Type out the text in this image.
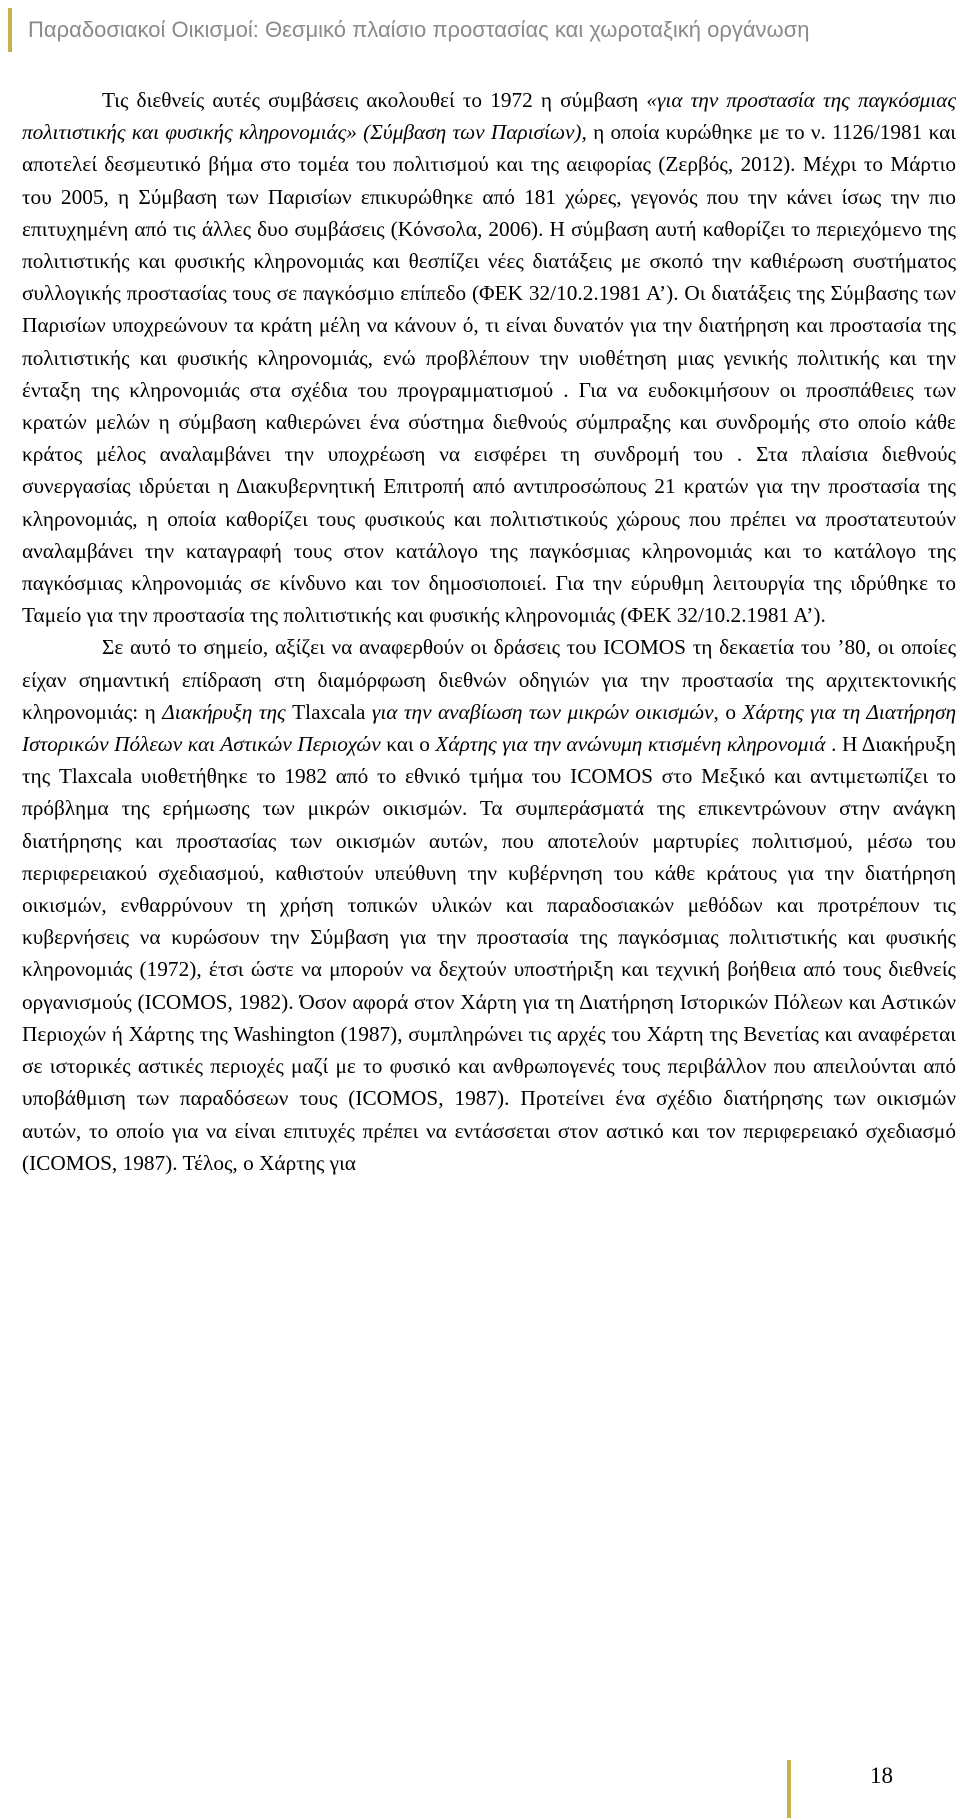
Παραδοσιακοί Οικισμοί: Θεσμικό πλαίσιο προστασίας και χωροταξική οργάνωση

Τις διεθνείς αυτές συμβάσεις ακολουθεί το 1972 η σύμβαση «για την προστασία της παγκόσμιας πολιτιστικής και φυσικής κληρονομιάς» (Σύμβαση των Παρισίων), η οποία κυρώθηκε με το ν. 1126/1981 και αποτελεί δεσμευτικό βήμα στο τομέα του πολιτισμού και της αειφορίας (Ζερβός, 2012). Μέχρι το Μάρτιο του 2005, η Σύμβαση των Παρισίων επικυρώθηκε από 181 χώρες, γεγονός που την κάνει ίσως την πιο επιτυχημένη από τις άλλες δυο συμβάσεις (Κόνσολα, 2006). Η σύμβαση αυτή καθορίζει το περιεχόμενο της πολιτιστικής και φυσικής κληρονομιάς και θεσπίζει νέες διατάξεις με σκοπό την καθιέρωση συστήματος συλλογικής προστασίας τους σε παγκόσμιο επίπεδο (ΦΕΚ 32/10.2.1981 Α’). Οι διατάξεις της Σύμβασης των Παρισίων υποχρεώνουν τα κράτη μέλη να κάνουν ό, τι είναι δυνατόν για την διατήρηση και προστασία της πολιτιστικής και φυσικής κληρονομιάς, ενώ προβλέπουν την υιοθέτηση μιας γενικής πολιτικής και την ένταξη της κληρονομιάς στα σχέδια του προγραμματισμού . Για να ευδοκιμήσουν οι προσπάθειες των κρατών μελών η σύμβαση καθιερώνει ένα σύστημα διεθνούς σύμπραξης και συνδρομής στο οποίο κάθε κράτος μέλος αναλαμβάνει την υποχρέωση να εισφέρει τη συνδρομή του . Στα πλαίσια διεθνούς συνεργασίας ιδρύεται η Διακυβερνητική Επιτροπή από αντιπροσώπους 21 κρατών για την προστασία της κληρονομιάς, η οποία καθορίζει τους φυσικούς και πολιτιστικούς χώρους που πρέπει να προστατευτούν αναλαμβάνει την καταγραφή τους στον κατάλογο της παγκόσμιας κληρονομιάς και το κατάλογο της παγκόσμιας κληρονομιάς σε κίνδυνο και τον δημοσιοποιεί. Για την εύρυθμη λειτουργία της ιδρύθηκε το Ταμείο για την προστασία της πολιτιστικής και φυσικής κληρονομιάς (ΦΕΚ 32/10.2.1981 Α’).

Σε αυτό το σημείο, αξίζει να αναφερθούν οι δράσεις του ICOMOS τη δεκαετία του ’80, οι οποίες είχαν σημαντική επίδραση στη διαμόρφωση διεθνών οδηγιών για την προστασία της αρχιτεκτονικής κληρονομιάς: η Διακήρυξη της Tlaxcala για την αναβίωση των μικρών οικισμών, ο Χάρτης για τη Διατήρηση Ιστορικών Πόλεων και Αστικών Περιοχών και ο Χάρτης για την ανώνυμη κτισμένη κληρονομιά . Η Διακήρυξη της Tlaxcala υιοθετήθηκε το 1982 από το εθνικό τμήμα του ICOMOS στο Μεξικό και αντιμετωπίζει το πρόβλημα της ερήμωσης των μικρών οικισμών. Τα συμπεράσματά της επικεντρώνουν στην ανάγκη διατήρησης και προστασίας των οικισμών αυτών, που αποτελούν μαρτυρίες πολιτισμού, μέσω του περιφερειακού σχεδιασμού, καθιστούν υπεύθυνη την κυβέρνηση του κάθε κράτους για την διατήρηση οικισμών, ενθαρρύνουν τη χρήση τοπικών υλικών και παραδοσιακών μεθόδων και προτρέπουν τις κυβερνήσεις να κυρώσουν την Σύμβαση για την προστασία της παγκόσμιας πολιτιστικής και φυσικής κληρονομιάς (1972), έτσι ώστε να μπορούν να δεχτούν υποστήριξη και τεχνική βοήθεια από τους διεθνείς οργανισμούς (ICOMOS, 1982). Όσον αφορά στον Χάρτη για τη Διατήρηση Ιστορικών Πόλεων και Αστικών Περιοχών ή Χάρτης της Washington (1987), συμπληρώνει τις αρχές του Χάρτη της Βενετίας και αναφέρεται σε ιστορικές αστικές περιοχές μαζί με το φυσικό και ανθρωπογενές τους περιβάλλον που απειλούνται από υποβάθμιση των παραδόσεων τους (ICOMOS, 1987). Προτείνει ένα σχέδιο διατήρησης των οικισμών αυτών, το οποίο για να είναι επιτυχές πρέπει να εντάσσεται στον αστικό και τον περιφερειακό σχεδιασμό (ICOMOS, 1987). Τέλος, ο Χάρτης για

18
